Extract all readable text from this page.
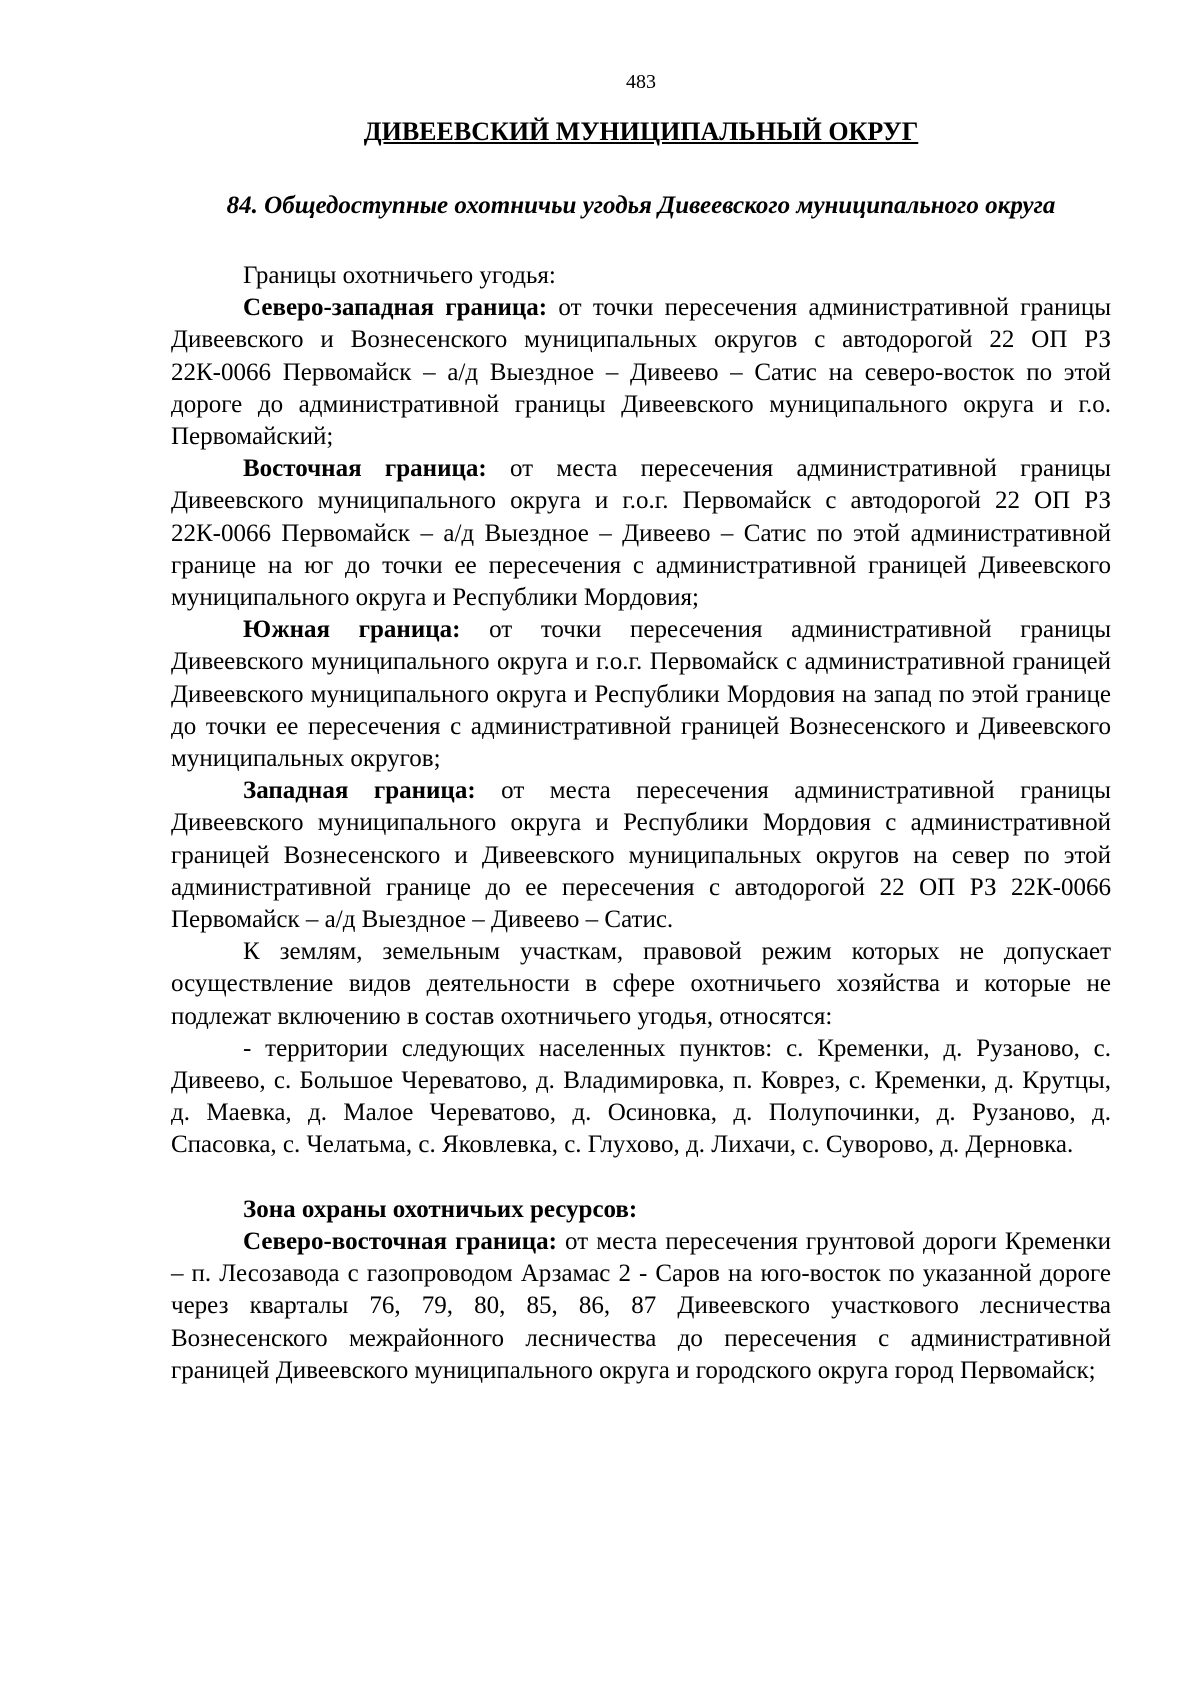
483

ДИВЕЕВСКИЙ МУНИЦИПАЛЬНЫЙ ОКРУГ
84. Общедоступные охотничьи угодья Дивеевского муниципального округа

Границы охотничьего угодья:

Северо-западная граница: от точки пересечения административной границы Дивеевского и Вознесенского муниципальных округов с автодорогой 22 ОП РЗ 22К-0066 Первомайск – а/д Выездное – Дивеево – Сатис на северо-восток по этой дороге до административной границы Дивеевского муниципального округа и г.о. Первомайский;

Восточная граница: от места пересечения административной границы Дивеевского муниципального округа и г.о.г. Первомайск с автодорогой 22 ОП РЗ 22К-0066 Первомайск – а/д Выездное – Дивеево – Сатис по этой административной границе на юг до точки ее пересечения с административной границей Дивеевского муниципального округа и Республики Мордовия;

Южная граница: от точки пересечения административной границы Дивеевского муниципального округа и г.о.г. Первомайск с административной границей Дивеевского муниципального округа и Республики Мордовия на запад по этой границе до точки ее пересечения с административной границей Вознесенского и Дивеевского муниципальных округов;

Западная граница: от места пересечения административной границы Дивеевского муниципального округа и Республики Мордовия с административной границей Вознесенского и Дивеевского муниципальных округов на север по этой административной границе до ее пересечения с автодорогой 22 ОП РЗ 22К-0066 Первомайск – а/д Выездное – Дивеево – Сатис.

К землям, земельным участкам, правовой режим которых не допускает осуществление видов деятельности в сфере охотничьего хозяйства и которые не подлежат включению в состав охотничьего угодья, относятся:

- территории следующих населенных пунктов: с. Кременки, д. Рузаново, с. Дивеево, с. Большое Череватово, д. Владимировка, п. Коврез, с. Кременки, д. Крутцы, д. Маевка, д. Малое Череватово, д. Осиновка, д. Полупочинки, д. Рузаново, д. Спасовка, с. Челатьма, с. Яковлевка, с. Глухово, д. Лихачи, с. Суворово, д. Дерновка.

Зона охраны охотничьих ресурсов:

Северо-восточная граница: от места пересечения грунтовой дороги Кременки – п. Лесозавода с газопроводом Арзамас 2 - Саров на юго-восток по указанной дороге через кварталы 76, 79, 80, 85, 86, 87 Дивеевского участкового лесничества Вознесенского межрайонного лесничества до пересечения с административной границей Дивеевского муниципального округа и городского округа город Первомайск;
